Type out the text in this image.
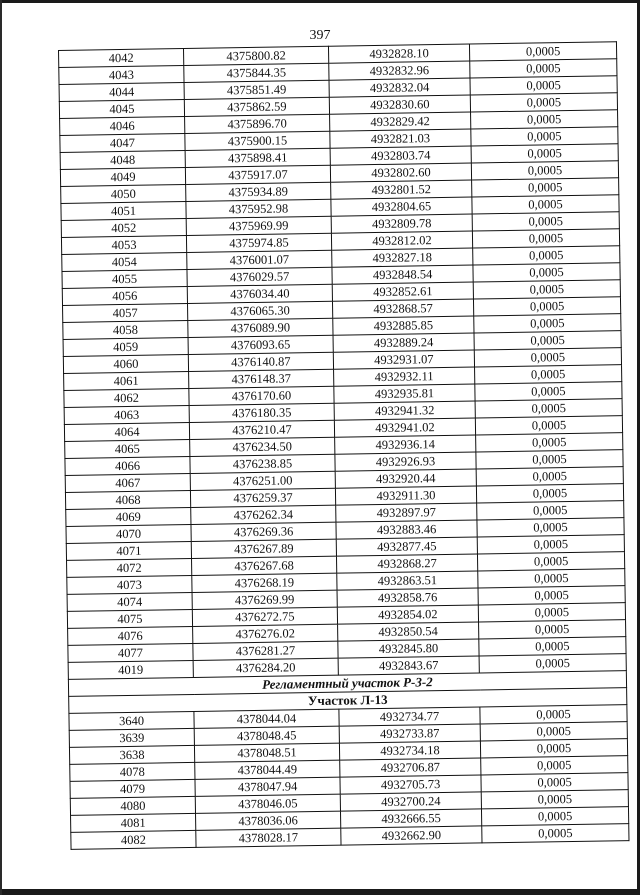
397
4042	4375800.82	4932828.10	0,0005
4043	4375844.35	4932832.96	0,0005
4044	4375851.49	4932832.04	0,0005
4045	4375862.59	4932830.60	0,0005
4046	4375896.70	4932829.42	0,0005
4047	4375900.15	4932821.03	0,0005
4048	4375898.41	4932803.74	0,0005
4049	4375917.07	4932802.60	0,0005
4050	4375934.89	4932801.52	0,0005
4051	4375952.98	4932804.65	0,0005
4052	4375969.99	4932809.78	0,0005
4053	4375974.85	4932812.02	0,0005
4054	4376001.07	4932827.18	0,0005
4055	4376029.57	4932848.54	0,0005
4056	4376034.40	4932852.61	0,0005
4057	4376065.30	4932868.57	0,0005
4058	4376089.90	4932885.85	0,0005
4059	4376093.65	4932889.24	0,0005
4060	4376140.87	4932931.07	0,0005
4061	4376148.37	4932932.11	0,0005
4062	4376170.60	4932935.81	0,0005
4063	4376180.35	4932941.32	0,0005
4064	4376210.47	4932941.02	0,0005
4065	4376234.50	4932936.14	0,0005
4066	4376238.85	4932926.93	0,0005
4067	4376251.00	4932920.44	0,0005
4068	4376259.37	4932911.30	0,0005
4069	4376262.34	4932897.97	0,0005
4070	4376269.36	4932883.46	0,0005
4071	4376267.89	4932877.45	0,0005
4072	4376267.68	4932868.27	0,0005
4073	4376268.19	4932863.51	0,0005
4074	4376269.99	4932858.76	0,0005
4075	4376272.75	4932854.02	0,0005
4076	4376276.02	4932850.54	0,0005
4077	4376281.27	4932845.80	0,0005
4019	4376284.20	4932843.67	0,0005
Регламентный участок Р-3-2			
Участок Л-13			
3640	4378044.04	4932734.77	0,0005
3639	4378048.45	4932733.87	0,0005
3638	4378048.51	4932734.18	0,0005
4078	4378044.49	4932706.87	0,0005
4079	4378047.94	4932705.73	0,0005
4080	4378046.05	4932700.24	0,0005
4081	4378036.06	4932666.55	0,0005
4082	4378028.17	4932662.90	0,0005
